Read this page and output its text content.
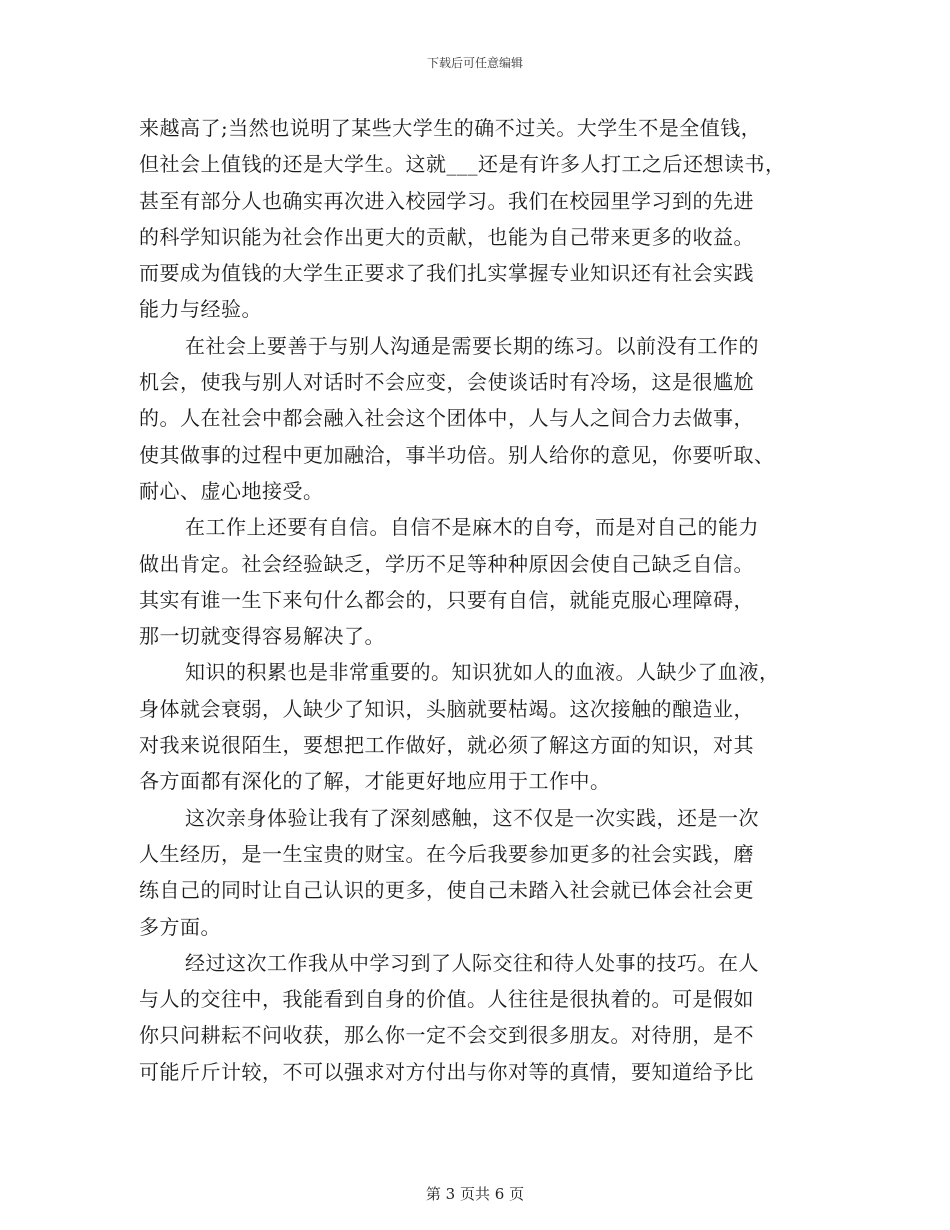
下载后可任意编辑
来越高了;当然也说明了某些大学生的确不过关。大学生不是全值钱，
但社会上值钱的还是大学生。这就___还是有许多人打工之后还想读书，
甚至有部分人也确实再次进入校园学习。我们在校园里学习到的先进
的科学知识能为社会作出更大的贡献，也能为自己带来更多的收益。
而要成为值钱的大学生正要求了我们扎实掌握专业知识还有社会实践
能力与经验。
在社会上要善于与别人沟通是需要长期的练习。以前没有工作的
机会，使我与别人对话时不会应变，会使谈话时有冷场，这是很尴尬
的。人在社会中都会融入社会这个团体中，人与人之间合力去做事，
使其做事的过程中更加融洽，事半功倍。别人给你的意见，你要听取、
耐心、虚心地接受。
在工作上还要有自信。自信不是麻木的自夸，而是对自己的能力
做出肯定。社会经验缺乏，学历不足等种种原因会使自己缺乏自信。
其实有谁一生下来句什么都会的，只要有自信，就能克服心理障碍，
那一切就变得容易解决了。
知识的积累也是非常重要的。知识犹如人的血液。人缺少了血液，
身体就会衰弱，人缺少了知识，头脑就要枯竭。这次接触的酿造业，
对我来说很陌生，要想把工作做好，就必须了解这方面的知识，对其
各方面都有深化的了解，才能更好地应用于工作中。
这次亲身体验让我有了深刻感触，这不仅是一次实践，还是一次
人生经历，是一生宝贵的财宝。在今后我要参加更多的社会实践，磨
练自己的同时让自己认识的更多，使自己未踏入社会就已体会社会更
多方面。
经过这次工作我从中学习到了人际交往和待人处事的技巧。在人
与人的交往中，我能看到自身的价值。人往往是很执着的。可是假如
你只问耕耘不问收获，那么你一定不会交到很多朋友。对待朋，是不
可能斤斤计较，不可以强求对方付出与你对等的真情，要知道给予比
第 3 页共 6 页
